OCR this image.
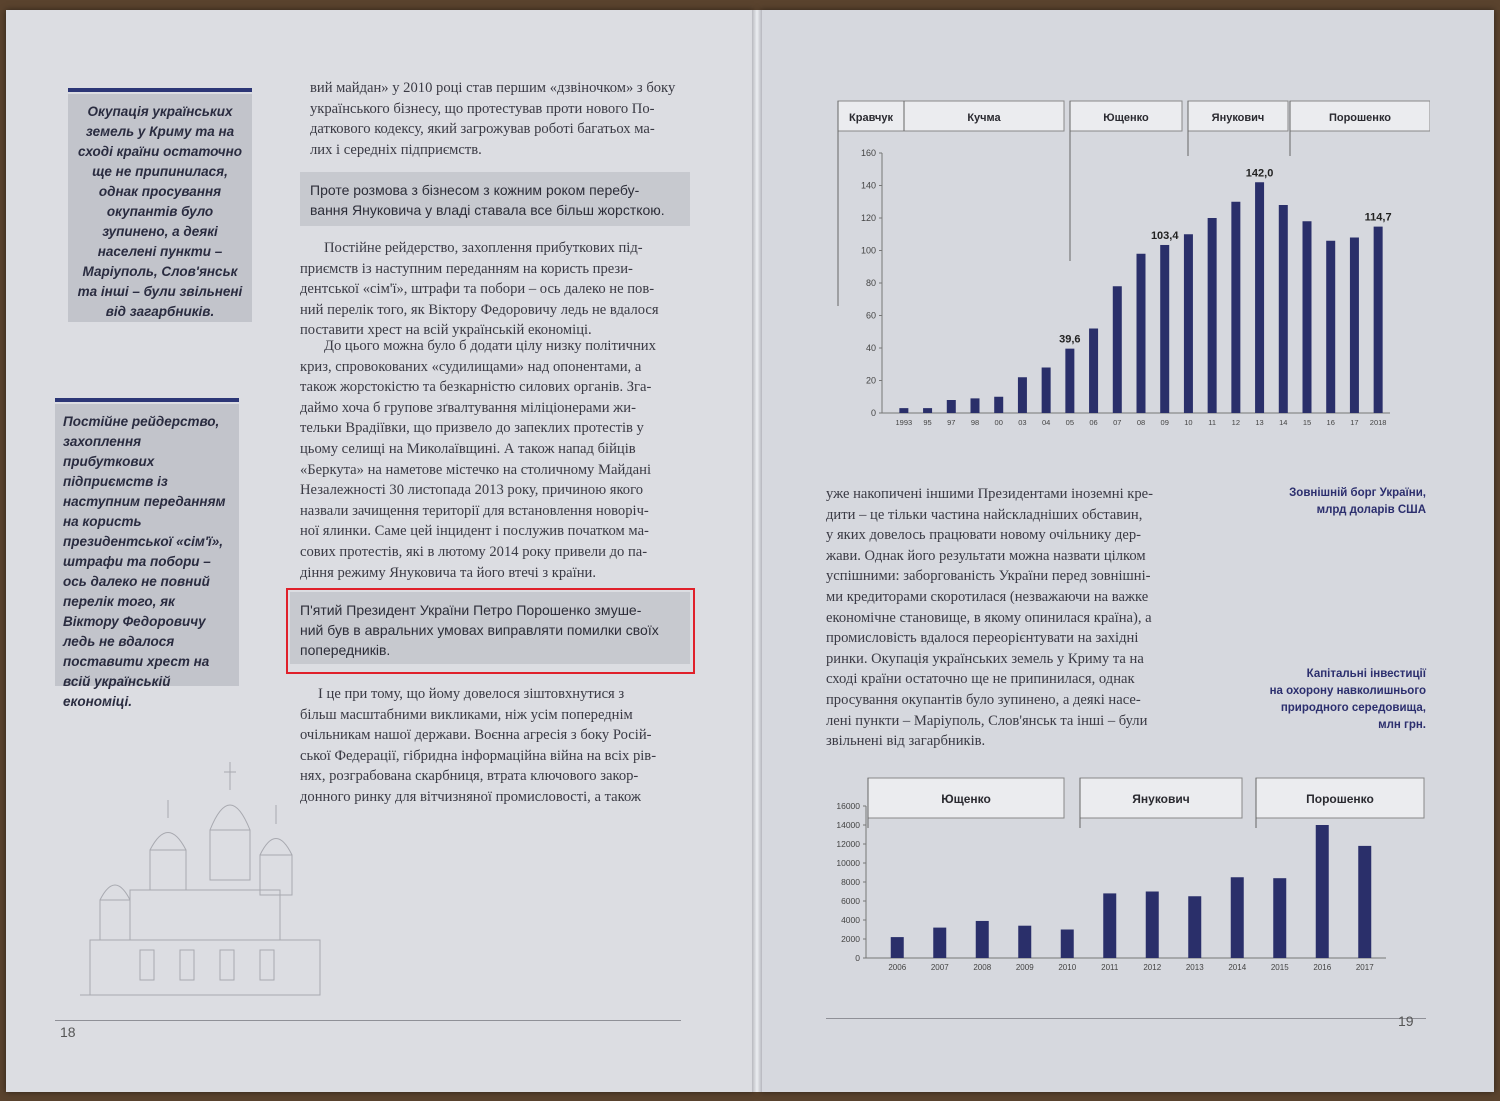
Окупація українських земель у Криму та на сході країни остаточно ще не припинилася, однак просування окупантів було зупинено, а деякі населені пункти – Маріуполь, Слов'янськ та інші – були звільнені від загарбників.
Постійне рейдерство, захоплення прибуткових підприємств із наступним переданням на користь президентської «сім'ї», штрафи та побори – ось далеко не повний перелік того, як Віктору Федоровичу ледь не вдалося поставити хрест на всій українській економіці.
вий майдан» у 2010 році став першим «дзвіночком» з боку
українського бізнесу, що протестував проти нового По-
даткового кодексу, який загрожував роботі багатьох ма-
лих і середніх підприємств.
Проте розмова з бізнесом з кожним роком перебу-
вання Януковича у владі ставала все більш жорсткою.
Постійне рейдерство, захоплення прибуткових під-
приємств із наступним переданням на користь прези-
дентської «сім'ї», штрафи та побори – ось далеко не пов-
ний перелік того, як Віктору Федоровичу ледь не вдалося
поставити хрест на всій українській економіці.
До цього можна було б додати цілу низку політичних
криз, спровокованих «судилищами» над опонентами, а
також жорстокістю та безкарністю силових органів. Зга-
даймо хоча б групове зґвалтування міліціонерами жи-
тельки Врадіївки, що призвело до запеклих протестів у
цьому селищі на Миколаївщині. А також напад бійців
«Беркута» на наметове містечко на столичному Майдані
Незалежності 30 листопада 2013 року, причиною якого
назвали зачищення території для встановлення новоріч-
ної ялинки. Саме цей інцидент і послужив початком ма-
сових протестів, які в лютому 2014 року привели до па-
діння режиму Януковича та його втечі з країни.
П'ятий Президент України Петро Порошенко змуше-
ний був в авральних умовах виправляти помилки своїх
попередників.
І це при тому, що йому довелося зіштовхнутися з
більш масштабними викликами, ніж усім попереднім
очільникам нашої держави. Воєнна агресія з боку Росій-
ської Федерації, гібридна інформаційна війна на всіх рів-
нях, розграбована скарбниця, втрата ключового закор-
донного ринку для вітчизняної промисловості, а також
18
Кравчук	Кучма	Ющенко	Янукович	Порошенко
0
20
40
60
80
100
120
140
160
1993 95 97 98 00 03 04 05
39,6
06 07 08 09
103,4
10 11 12 13
142,0
14 15 16 17 2018
114,7
Зовнішній борг України,
млрд доларів США
уже накопичені іншими Президентами іноземні кре-
дити – це тільки частина найскладніших обставин,
у яких довелось працювати новому очільнику дер-
жави. Однак його результати можна назвати цілком
успішними: заборгованість України перед зовнішні-
ми кредиторами скоротилася (незважаючи на важке
економічне становище, в якому опинилася країна), а
промисловість вдалося переорієнтувати на західні
ринки. Окупація українських земель у Криму та на
сході країни остаточно ще не припинилася, однак
просування окупантів було зупинено, а деякі насе-
лені пункти – Маріуполь, Слов'янськ та інші – були
звільнені від загарбників.
Капітальні інвестиції
на охорону навколишнього
природного середовища,
млн грн.
Ющенко	Янукович	Порошенко
0
2000
4000
6000
8000
10000
12000
14000
16000
2006	2007	2008	2009	2010	2011	2012	2013	2014	2015	2016	2017
19
